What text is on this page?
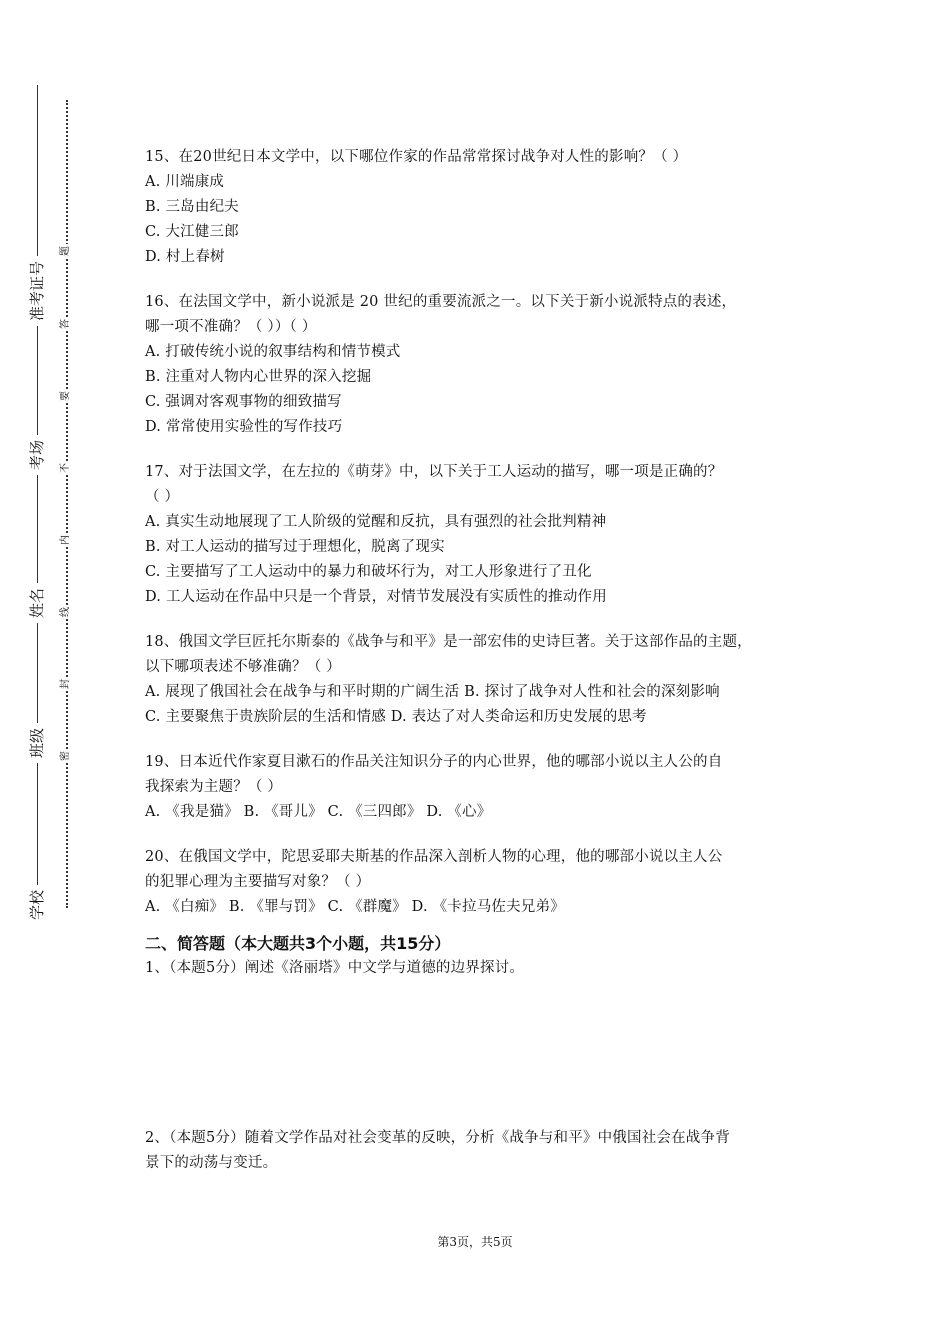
学校
班级
姓名
考场
准考证号
题
答
要
不
内
线
封
密
15、在20世纪日本文学中，以下哪位作家的作品常常探讨战争对人性的影响？（ ）
A. 川端康成
B. 三岛由纪夫
C. 大江健三郎
D. 村上春树
16、在法国文学中，新小说派是 20 世纪的重要流派之一。以下关于新小说派特点的表述，
哪一项不准确？（ ））（ ）
A. 打破传统小说的叙事结构和情节模式
B. 注重对人物内心世界的深入挖掘
C. 强调对客观事物的细致描写
D. 常常使用实验性的写作技巧
17、对于法国文学，在左拉的《萌芽》中，以下关于工人运动的描写，哪一项是正确的？
（ ）
A. 真实生动地展现了工人阶级的觉醒和反抗，具有强烈的社会批判精神
B. 对工人运动的描写过于理想化，脱离了现实
C. 主要描写了工人运动中的暴力和破坏行为，对工人形象进行了丑化
D. 工人运动在作品中只是一个背景，对情节发展没有实质性的推动作用
18、俄国文学巨匠托尔斯泰的《战争与和平》是一部宏伟的史诗巨著。关于这部作品的主题，
以下哪项表述不够准确？（ ）
A. 展现了俄国社会在战争与和平时期的广阔生活 B. 探讨了战争对人性和社会的深刻影响
C. 主要聚焦于贵族阶层的生活和情感 D. 表达了对人类命运和历史发展的思考
19、日本近代作家夏目漱石的作品关注知识分子的内心世界，他的哪部小说以主人公的自
我探索为主题？（ ）
A. 《我是猫》 B. 《哥儿》 C. 《三四郎》 D. 《心》
20、在俄国文学中，陀思妥耶夫斯基的作品深入剖析人物的心理，他的哪部小说以主人公
的犯罪心理为主要描写对象？（ ）
A. 《白痴》 B. 《罪与罚》 C. 《群魔》 D. 《卡拉马佐夫兄弟》
二、简答题（本大题共3个小题，共15分）
1、（本题5分）阐述《洛丽塔》中文学与道德的边界探讨。
2、（本题5分）随着文学作品对社会变革的反映，分析《战争与和平》中俄国社会在战争背
景下的动荡与变迁。
第3页，共5页
